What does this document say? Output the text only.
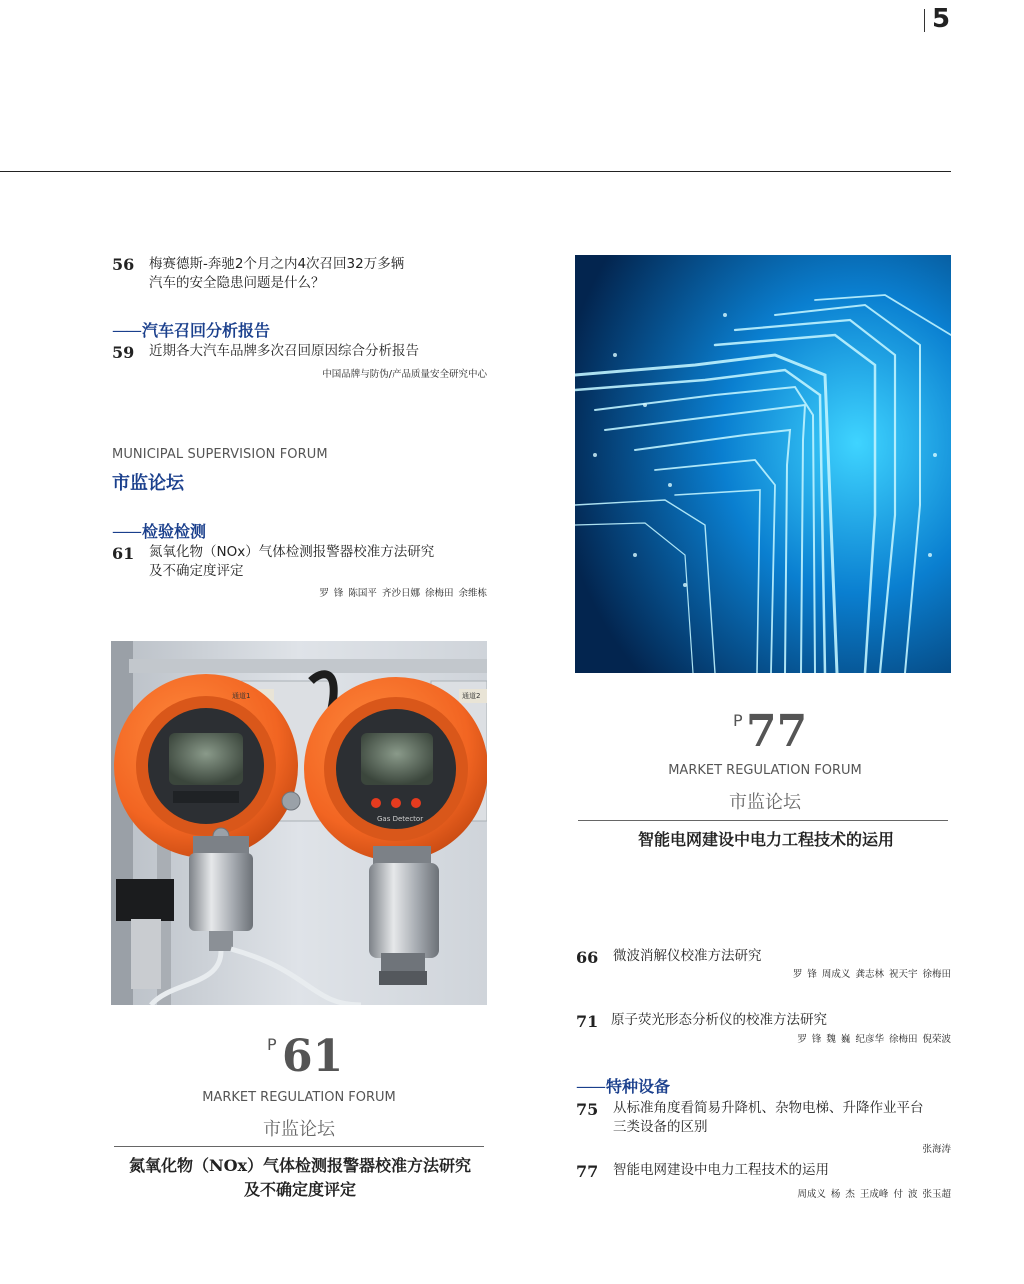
5
56 梅赛德斯-奔驰2个月之内4次召回32万多辆
汽车的安全隐患问题是什么？
—— 汽车召回分析报告
59 近期各大汽车品牌多次召回原因综合分析报告
中国品牌与防伪/产品质量安全研究中心
MUNICIPAL SUPERVISION FORUM
市监论坛
—— 检验检测
61 氮氧化物（NOx）气体检测报警器校准方法研究
及不确定度评定
罗 锋 陈国平 齐沙日娜 徐梅田 余维栋
通道1	通道2
Gas Detector
P 61
MARKET REGULATION FORUM
市监论坛
氮氧化物（NOx）气体检测报警器校准方法研究
及不确定度评定
P 77
MARKET REGULATION FORUM
市监论坛
智能电网建设中电力工程技术的运用
66 微波消解仪校准方法研究
罗 锋 周成义 龚志林 祝天宇 徐梅田
71 原子荧光形态分析仪的校准方法研究
罗 锋 魏 巍 纪彦华 徐梅田 倪荣波
—— 特种设备
75 从标准角度看简易升降机、杂物电梯、升降作业平台
三类设备的区别
张海涛
77 智能电网建设中电力工程技术的运用
周成义 杨 杰 王成峰 付 波 张玉超
